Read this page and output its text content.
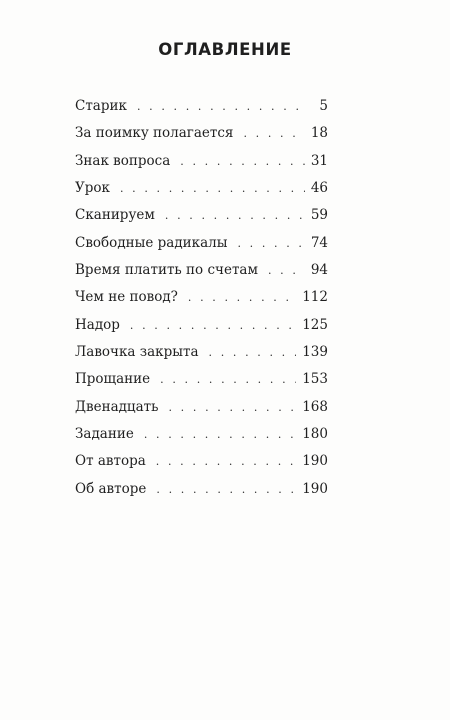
ОГЛАВЛЕНИЕ
Старик . . .	5
За поимку полагается . . .	18
Знак вопроса . . .	31
Урок . . .	46
Сканируем . . .	59
Свободные радикалы . . .	74
Время платить по счетам . . .	94
Чем не повод? . . .	112
Надор . . .	125
Лавочка закрыта . . .	139
Прощание . . .	153
Двенадцать . . .	168
Задание . . .	180
От автора . . .	190
Об авторе . . .	190
